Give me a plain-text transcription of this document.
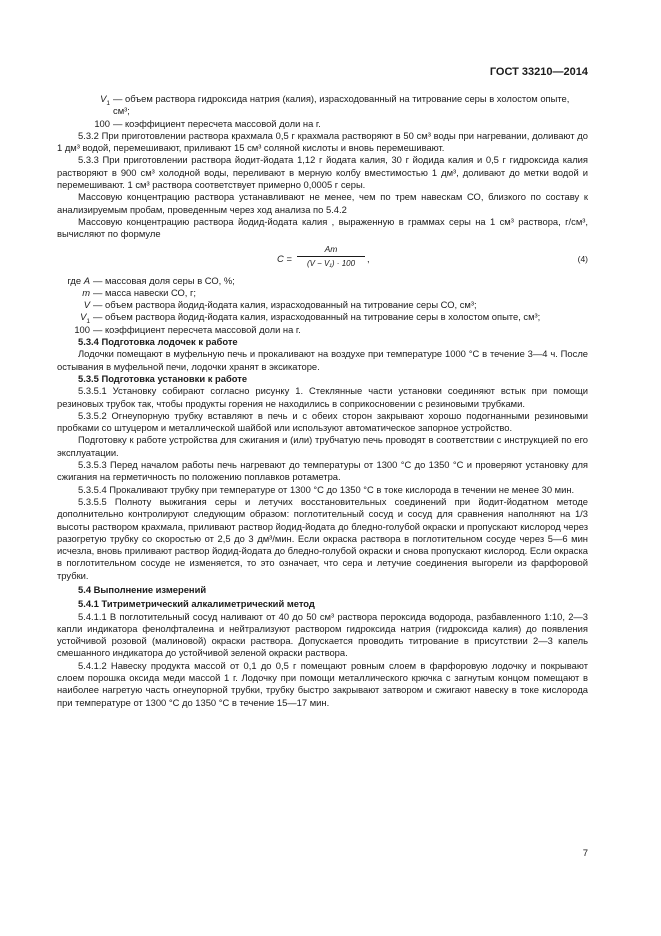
ГОСТ 33210—2014
$V_1$ — объем раствора гидроксида натрия (калия), израсходованный на титрование серы в холостом опыте, см³;
100 — коэффициент пересчета массовой доли на г.

5.3.2 При приготовлении раствора крахмала 0,5 г крахмала растворяют в 50 см³ воды при нагревании, доливают до 1 дм³ водой, перемешивают, приливают 15 см³ соляной кислоты и вновь перемешивают.

5.3.3 При приготовлении раствора йодит-йодата 1,12 г йодата калия, 30 г йодида калия и 0,5 г гидроксида калия растворяют в 900 см³ холодной воды, переливают в мерную колбу вместимостью 1 дм³, доливают до метки водой и перемешивают. 1 см³ раствора соответствует примерно 0,0005 г серы.

Массовую концентрацию раствора устанавливают не менее, чем по трем навескам СО, близкого по составу к анализируемым пробам, проведенным через ход анализа по 5.4.2

Массовую концентрацию раствора йодид-йодата калия , выраженную в граммах серы на 1 см³ раствора, г/см³, вычисляют по формуле

$C = \frac{Am}{\text{(V − V₁) · 100}}$ ,	(4)
где A — массовая доля серы в СО, %;
m — масса навески СО, г;
V — объем раствора йодид-йодата калия, израсходованный на титрование серы СО, см³;
$V_1$ — объем раствора йодид-йодата калия, израсходованный на титрование серы в холостом опыте, см³;
100 — коэффициент пересчета массовой доли на г.

5.3.4 Подготовка лодочек к работе

Лодочки помещают в муфельную печь и прокаливают на воздухе при температуре 1000 °С в течение 3—4 ч. После остывания в муфельной печи, лодочки хранят в эксикаторе.

5.3.5 Подготовка установки к работе

5.3.5.1 Установку собирают согласно рисунку 1. Стеклянные части установки соединяют встык при помощи резиновых трубок так, чтобы продукты горения не находились в соприкосновении с резиновыми трубками.

5.3.5.2 Огнеупорную трубку вставляют в печь и с обеих сторон закрывают хорошо подогнанными резиновыми пробками со штуцером и металлической шайбой или используют автоматическое запорное устройство.

Подготовку к работе устройства для сжигания и (или) трубчатую печь проводят в соответствии с инструкцией по его эксплуатации.

5.3.5.3 Перед началом работы печь нагревают до температуры от 1300 °С до 1350 °С и проверяют установку для сжигания на герметичность по положению поплавков ротаметра.

5.3.5.4 Прокаливают трубку при температуре от 1300 °С до 1350 °С в токе кислорода в течении не менее 30 мин.

5.3.5.5 Полноту выжигания серы и летучих восстановительных соединений при йодит-йодатном методе дополнительно контролируют следующим образом: поглотительный сосуд и сосуд для сравнения наполняют на 1/3 высоты раствором крахмала, приливают раствор йодид-йодата до бледно-голубой окраски и пропускают кислород через разогретую трубку со скоростью от 2,5 до 3 дм³/мин. Если окраска раствора в поглотительном сосуде через 5—6 мин исчезла, вновь приливают раствор йодид-йодата до бледно-голубой окраски и снова пропускают кислород. Если окраска в поглотительном сосуде не изменяется, то это означает, что сера и летучие соединения выгорели из фарфоровой трубки.

5.4 Выполнение измерений

5.4.1 Титриметрический алкалиметрический метод

5.4.1.1 В поглотительный сосуд наливают от 40 до 50 см³ раствора пероксида водорода, разбавленного 1:10, 2—3 капли индикатора фенолфталеина и нейтрализуют раствором гидроксида натрия (гидроксида калия) до появления устойчивой розовой (малиновой) окраски раствора. Допускается проводить титрование в присутствии 2—3 капель смешанного индикатора до устойчивой зеленой окраски раствора.

5.4.1.2 Навеску продукта массой от 0,1 до 0,5 г помещают ровным слоем в фарфоровую лодочку и покрывают слоем порошка оксида меди массой 1 г. Лодочку при помощи металлического крючка с загнутым концом помещают в наиболее нагретую часть огнеупорной трубки, трубку быстро закрывают затвором и сжигают навеску в токе кислорода при температуре от 1300 °С до 1350 °С в течение 15—17 мин.

7
